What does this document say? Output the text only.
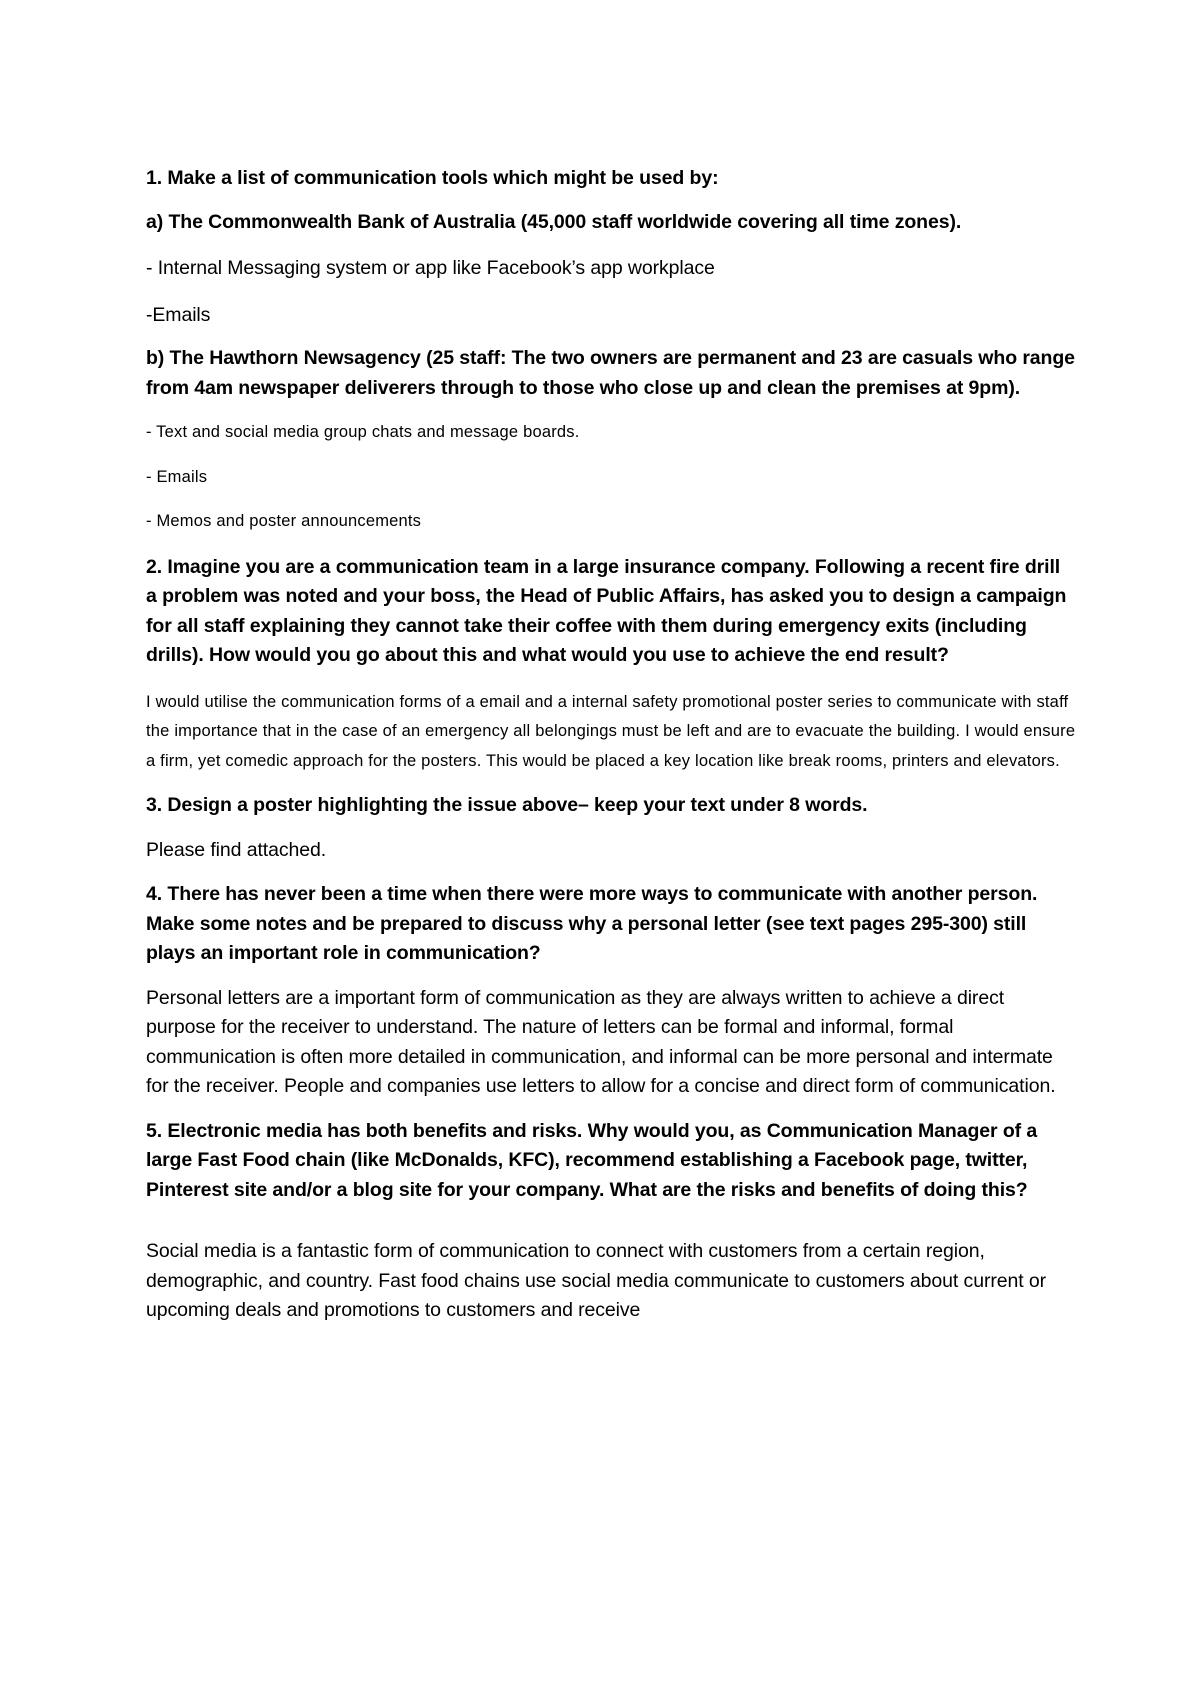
1. Make a list of communication tools which might be used by:

a) The Commonwealth Bank of Australia (45,000 staff worldwide covering all time zones).

- Internal Messaging system or app like Facebook’s app workplace

-Emails

b) The Hawthorn Newsagency (25 staff: The two owners are permanent and 23 are casuals who range from 4am newspaper deliverers through to those who close up and clean the premises at 9pm).

- Text and social media group chats and message boards.

- Emails

- Memos and poster announcements

2. Imagine you are a communication team in a large insurance company. Following a recent fire drill a problem was noted and your boss, the Head of Public Affairs, has asked you to design a campaign for all staff explaining they cannot take their coffee with them during emergency exits (including drills). How would you go about this and what would you use to achieve the end result?

I would utilise the communication forms of a email and a internal safety promotional poster series to communicate with staff the importance that in the case of an emergency all belongings must be left and are to evacuate the building. I would ensure a firm, yet comedic approach for the posters. This would be placed a key location like break rooms, printers and elevators.

3. Design a poster highlighting the issue above– keep your text under 8 words.

Please find attached.

4. There has never been a time when there were more ways to communicate with another person. Make some notes and be prepared to discuss why a personal letter (see text pages 295-300) still plays an important role in communication?

Personal letters are a important form of communication as they are always written to achieve a direct purpose for the receiver to understand. The nature of letters can be formal and informal, formal communication is often more detailed in communication, and informal can be more personal and intermate for the receiver. People and companies use letters to allow for a concise and direct form of communication.

5. Electronic media has both benefits and risks. Why would you, as Communication Manager of a large Fast Food chain (like McDonalds, KFC), recommend establishing a Facebook page, twitter, Pinterest site and/or a blog site for your company. What are the risks and benefits of doing this?

Social media is a fantastic form of communication to connect with customers from a certain region, demographic, and country. Fast food chains use social media communicate to customers about current or upcoming deals and promotions to customers and receive
